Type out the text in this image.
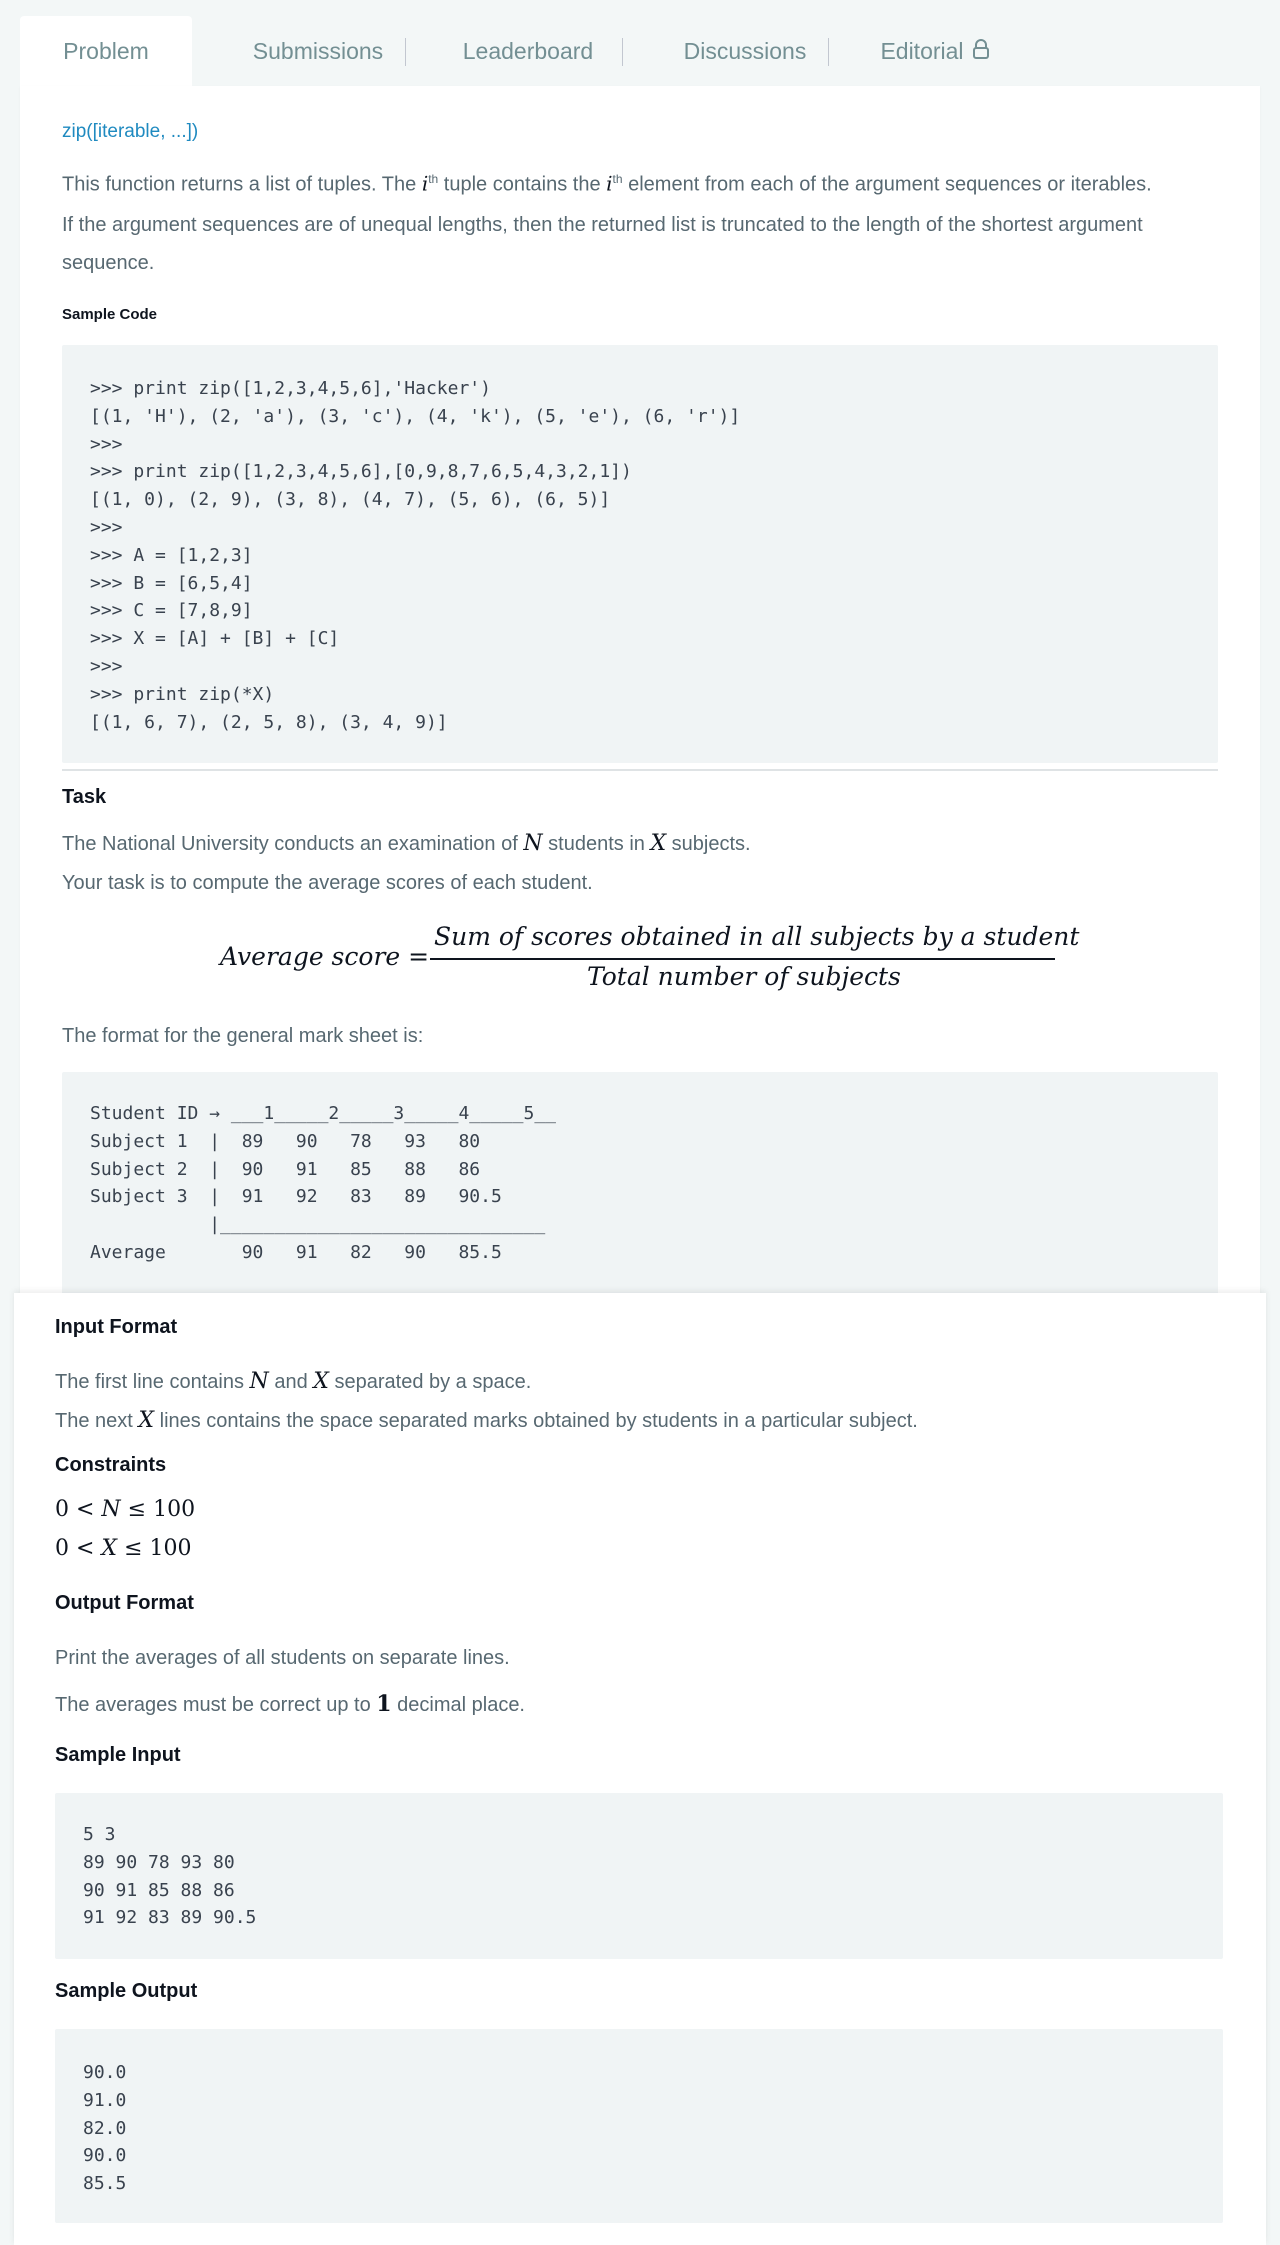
Problem	Submissions	Leaderboard	Discussions	Editorial
zip([iterable, ...])
This function returns a list of tuples. The $i^{th}$ tuple contains the $i^{th}$ element from each of the argument sequences or iterables.
If the argument sequences are of unequal lengths, then the returned list is truncated to the length of the shortest argument
sequence.
Sample Code
>>> print zip([1,2,3,4,5,6],'Hacker')
[(1, 'H'), (2, 'a'), (3, 'c'), (4, 'k'), (5, 'e'), (6, 'r')]
>>>
>>> print zip([1,2,3,4,5,6],[0,9,8,7,6,5,4,3,2,1])
[(1, 0), (2, 9), (3, 8), (4, 7), (5, 6), (6, 5)]
>>>
>>> A = [1,2,3]
>>> B = [6,5,4]
>>> C = [7,8,9]
>>> X = [A] + [B] + [C]
>>>
>>> print zip(*X)
[(1, 6, 7), (2, 5, 8), (3, 4, 9)]
Task
The National University conducts an examination of N students in X subjects.
Your task is to compute the average scores of each student.
Average score =
Sum of scores obtained in all subjects by a student
Total number of subjects
The format for the general mark sheet is:
Student ID → ___1_____2_____3_____4_____5__
Subject 1  |  89   90   78   93   80
Subject 2  |  90   91   85   88   86
Subject 3  |  91   92   83   89   90.5
|______________________________
Average       90   91   82   90   85.5
Input Format
The first line contains N and X separated by a space.
The next X lines contains the space separated marks obtained by students in a particular subject.
Constraints
0 < N ≤ 100
0 < X ≤ 100
Output Format
Print the averages of all students on separate lines.
The averages must be correct up to 1 decimal place.
Sample Input
5 3
89 90 78 93 80
90 91 85 88 86
91 92 83 89 90.5
Sample Output
90.0
91.0
82.0
90.0
85.5
